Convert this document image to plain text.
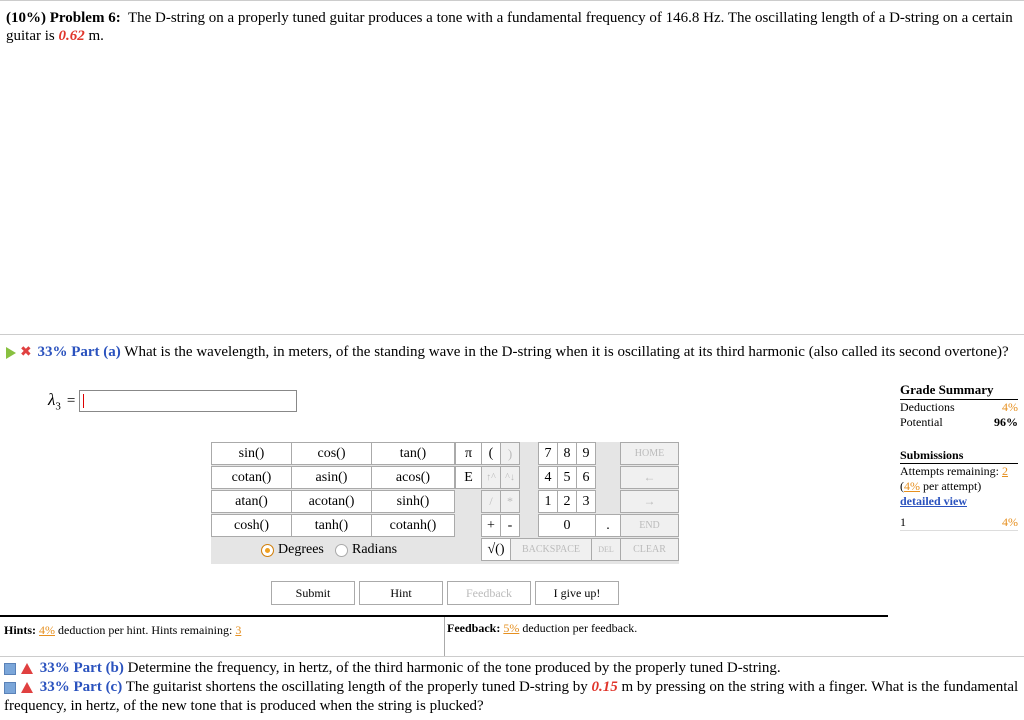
(10%) Problem 6: The D-string on a properly tuned guitar produces a tone with a fundamental frequency of 146.8 Hz. The oscillating length of a D-string on a certain guitar is 0.62 m.
✖ 33% Part (a) What is the wavelength, in meters, of the standing wave in the D-string when it is oscillating at its third harmonic (also called its second overtone)?
$\lambda_3$ =
Grade Summary
Deductions	4%
Potential	96%
Submissions
Attempts remaining: 2
(4% per attempt)
detailed view
1	4%
sin()	cos()	tan()
cotan()	asin()	acos()
atan()	acotan()	sinh()
cosh()	tanh()	cotanh()
Degrees Radians
π	(	)
↑^ ^↓
E
/	*
+ -
√()	BACKSPACE	DEL	CLEAR
7 8 9
4 5 6
1 2 3
0	.
HOME
←
→
END
Submit	Hint	Feedback	I give up!
Hints: 4% deduction per hint. Hints remaining: 3	Feedback: 5% deduction per feedback.
33% Part (b) Determine the frequency, in hertz, of the third harmonic of the tone produced by the properly tuned D-string.
33% Part (c) The guitarist shortens the oscillating length of the properly tuned D-string by 0.15 m by pressing on the string with a finger. What is the fundamental frequency, in hertz, of the new tone that is produced when the string is plucked?
